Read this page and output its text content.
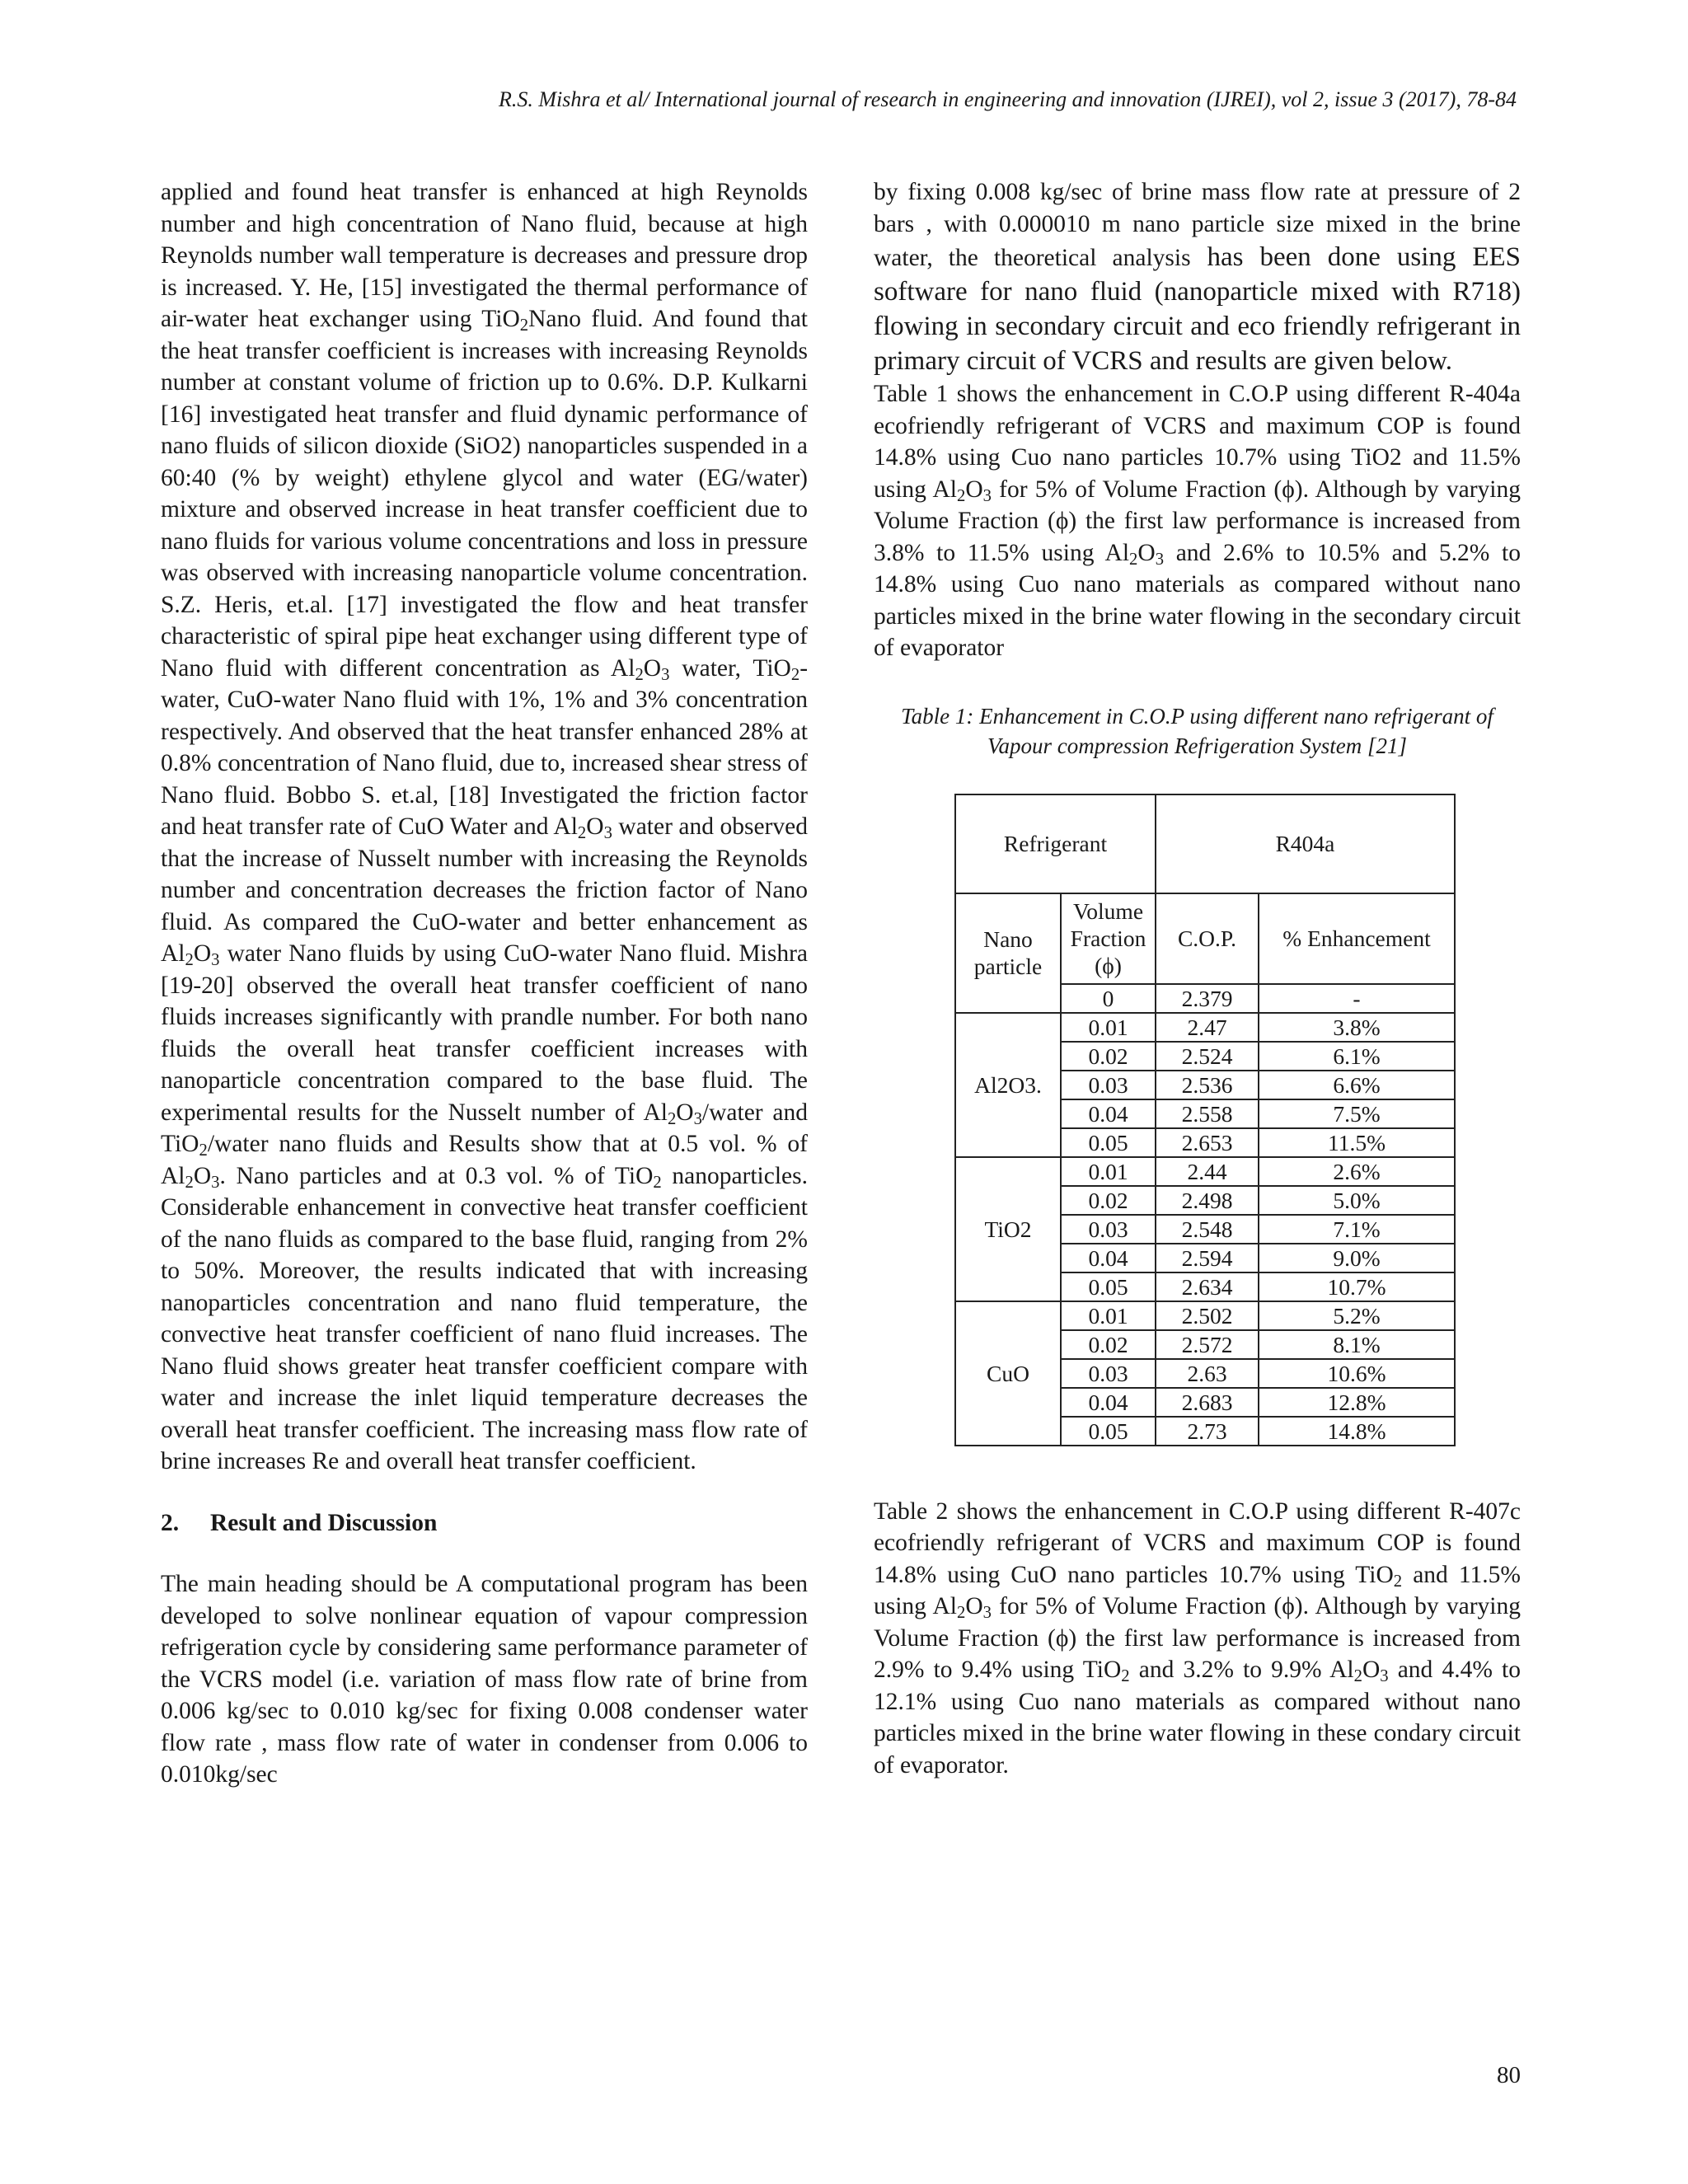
R.S. Mishra et al/ International journal of research in engineering and innovation (IJREI), vol 2, issue 3 (2017), 78-84

applied and found heat transfer is enhanced at high Reynolds number and high concentration of Nano fluid, because at high Reynolds number wall temperature is decreases and pressure drop is increased. Y. He, [15] investigated the thermal performance of air-water heat exchanger using TiO$_2$Nano fluid. And found that the heat transfer coefficient is increases with increasing Reynolds number at constant volume of friction up to 0.6%. D.P. Kulkarni [16] investigated heat transfer and fluid dynamic performance of nano fluids of silicon dioxide (SiO2) nanoparticles suspended in a 60:40 (% by weight) ethylene glycol and water (EG/water) mixture and observed increase in heat transfer coefficient due to nano fluids for various volume concentrations and loss in pressure was observed with increasing nanoparticle volume concentration. S.Z. Heris, et.al. [17] investigated the flow and heat transfer characteristic of spiral pipe heat exchanger using different type of Nano fluid with different concentration as $Al_2O_3$ water, TiO$_2$-water, CuO-water Nano fluid with 1%, 1% and 3% concentration respectively. And observed that the heat transfer enhanced 28% at 0.8% concentration of Nano fluid, due to, increased shear stress of Nano fluid. Bobbo S. et.al, [18] Investigated the friction factor and heat transfer rate of CuO Water and $Al_2O_3$ water and observed that the increase of Nusselt number with increasing the Reynolds number and concentration decreases the friction factor of Nano fluid. As compared the CuO-water and better enhancement as $Al_2O_3$ water Nano fluids by using CuO-water Nano fluid. Mishra [19-20] observed the overall heat transfer coefficient of nano fluids increases significantly with prandle number. For both nano fluids the overall heat transfer coefficient increases with nanoparticle concentration compared to the base fluid. The experimental results for the Nusselt number of $Al_2O_3$/water and TiO$_2$/water nano fluids and Results show that at 0.5 vol. % of $Al_2O_3$. Nano particles and at 0.3 vol. % of TiO$_2$ nanoparticles. Considerable enhancement in convective heat transfer coefficient of the nano fluids as compared to the base fluid, ranging from 2% to 50%. Moreover, the results indicated that with increasing nanoparticles concentration and nano fluid temperature, the convective heat transfer coefficient of nano fluid increases. The Nano fluid shows greater heat transfer coefficient compare with water and increase the inlet liquid temperature decreases the overall heat transfer coefficient. The increasing mass flow rate of brine increases Re and overall heat transfer coefficient.

2. Result and Discussion

The main heading should be A computational program has been developed to solve nonlinear equation of vapour compression refrigeration cycle by considering same performance parameter of the VCRS model (i.e. variation of mass flow rate of brine from 0.006 kg/sec to 0.010 kg/sec for fixing 0.008 condenser water flow rate , mass flow rate of water in condenser from 0.006 to 0.010kg/sec

by fixing 0.008 kg/sec of brine mass flow rate at pressure of 2 bars , with 0.000010 m nano particle size mixed in the brine water, the theoretical analysis has been done using EES software for nano fluid (nanoparticle mixed with R718) flowing in secondary circuit and eco friendly refrigerant in primary circuit of VCRS and results are given below.

Table 1 shows the enhancement in C.O.P using different R-404a ecofriendly refrigerant of VCRS and maximum COP is found 14.8% using Cuo nano particles 10.7% using TiO2 and 11.5% using $Al_2O_3$ for 5% of Volume Fraction (ϕ). Although by varying Volume Fraction (ϕ) the first law performance is increased from 3.8% to 11.5% using $Al_2O_3$ and 2.6% to 10.5% and 5.2% to 14.8% using Cuo nano materials as compared without nano particles mixed in the brine water flowing in the secondary circuit of evaporator

Table 1: Enhancement in C.O.P using different nano refrigerant of Vapour compression Refrigeration System [21]

Refrigerant		R404a	
Nano particle	Volume Fraction (ϕ)	C.O.P.	% Enhancement
	0	2.379	-
Al2O3.	0.01	2.47	3.8%
	0.02	2.524	6.1%
	0.03	2.536	6.6%
	0.04	2.558	7.5%
	0.05	2.653	11.5%
TiO2	0.01	2.44	2.6%
	0.02	2.498	5.0%
	0.03	2.548	7.1%
	0.04	2.594	9.0%
	0.05	2.634	10.7%
CuO	0.01	2.502	5.2%
	0.02	2.572	8.1%
	0.03	2.63	10.6%
	0.04	2.683	12.8%
	0.05	2.73	14.8%

Table 2 shows the enhancement in C.O.P using different R-407c ecofriendly refrigerant of VCRS and maximum COP is found 14.8% using CuO nano particles 10.7% using TiO$_2$ and 11.5% using $Al_2O_3$ for 5% of Volume Fraction (ϕ). Although by varying Volume Fraction (ϕ) the first law performance is increased from 2.9% to 9.4% using TiO$_2$ and 3.2% to 9.9% $Al_2O_3$ and 4.4% to 12.1% using Cuo nano materials as compared without nano particles mixed in the brine water flowing in these condary circuit of evaporator.

80
